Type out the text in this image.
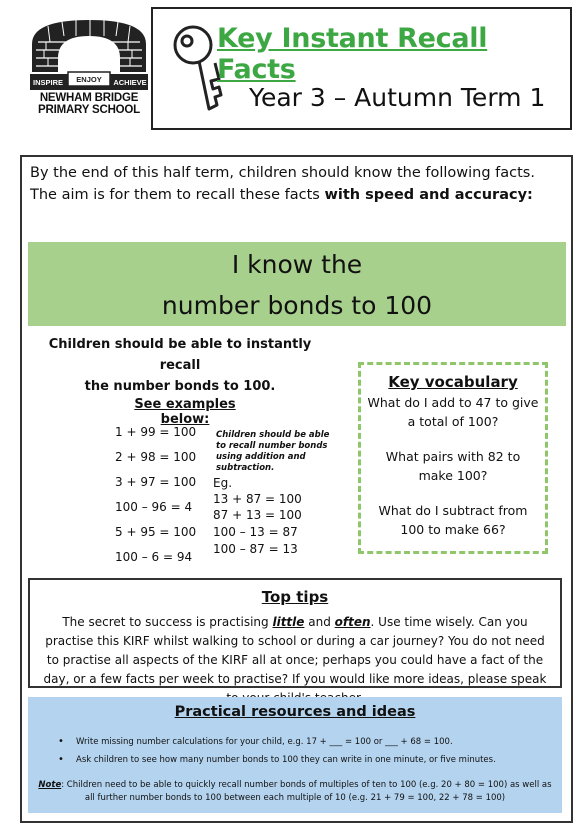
INSPIRE ENJOY ACHIEVE
NEWHAM BRIDGE
PRIMARY SCHOOL
Key Instant Recall Facts
Year 3 – Autumn Term 1
By the end of this half term, children should know the following facts. The aim is for them to recall these facts with speed and accuracy:
I know the
number bonds to 100
Children should be able to instantly recall
the number bonds to 100.
See examples below:
1 + 99 = 100
2 + 98 = 100
3 + 97 = 100
100 – 96 = 4
5 + 95 = 100
100 – 6 = 94
Children should be able to recall number bonds using addition and subtraction.
Eg.
13 + 87 = 100
87 + 13 = 100
100 – 13 = 87
100 – 87 = 13
Key vocabulary
What do I add to 47 to give a total of 100?
What pairs with 82 to make 100?
What do I subtract from 100 to make 66?
Top tips
The secret to success is practising little and often. Use time wisely. Can you practise this KIRF whilst walking to school or during a car journey? You do not need to practise all aspects of the KIRF all at once; perhaps you could have a fact of the day, or a few facts per week to practise? If you would like more ideas, please speak
Practical resources and ideas
• Write missing number calculations for your child, e.g. 17 + ___ = 100 or ___ + 68 = 100.
• Ask children to see how many number bonds to 100 they can write in one minute, or five minutes.
Note: Children need to be able to quickly recall number bonds of multiples of ten to 100 (e.g. 20 + 80 = 100) as well as all further number bonds to 100 between each multiple of 10 (e.g. 21 + 79 = 100, 22 + 78 = 100)
